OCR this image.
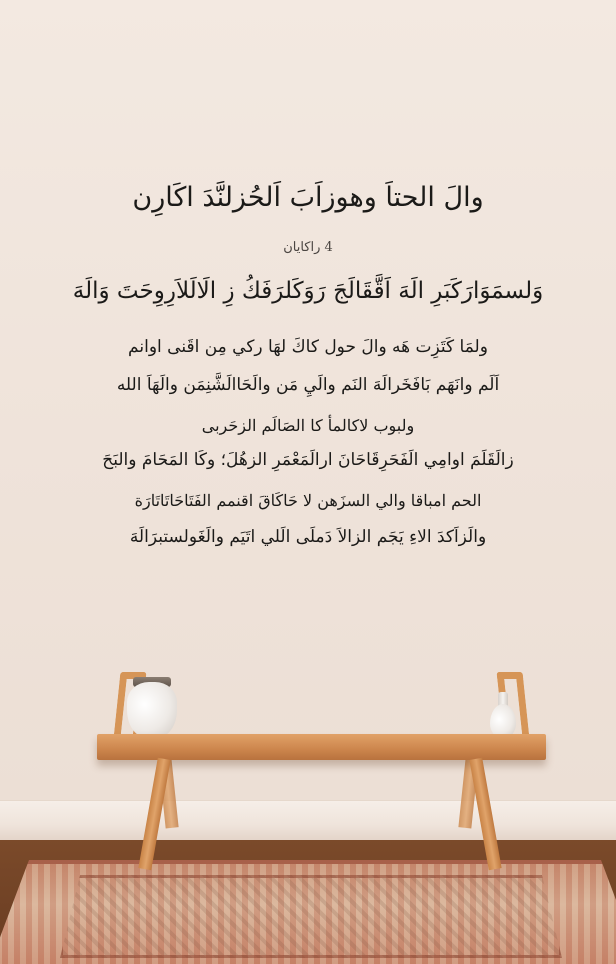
والَ الحتاَ وهوزاَبَ اَلحُزلنَّدَ اكَارِن
4 راكايان
وَلسمَوَارَكَبَرِ الَهَ اَقَّقَالَجَ رَوَكَلرَفَكُ زِ الَالَلاَرِوِحَتَ وَالَهَ
ولمَا كَتَزِت هَه والَ حول كاكَ لهَا ركي مِن اقَنى اوانم
اَلَم وانَهَم بَافَخَرالَهَ النَم والَيِ مَن والَحَاالَشَّنِمَن والَهَاَ الله
ولبوب لاكالمأ كا الصَالَم الزحَربى
زالَقَلَمَ اوامِي الَفَحَرِقَاحَانَ ارالَمَعْمَرِ الزهُلَ؛ وكَا المَحَامَ والبَحَ
الحم امباقا والي السزَهن لا حَاكَاقَ اقنمم الفَتَاحَاتَاتَارَة
والَزاَكدَ الاءِ يَجَم الزالاَ دَملَى الَلي اتَيَم والَغَولستبرَالَهَ
